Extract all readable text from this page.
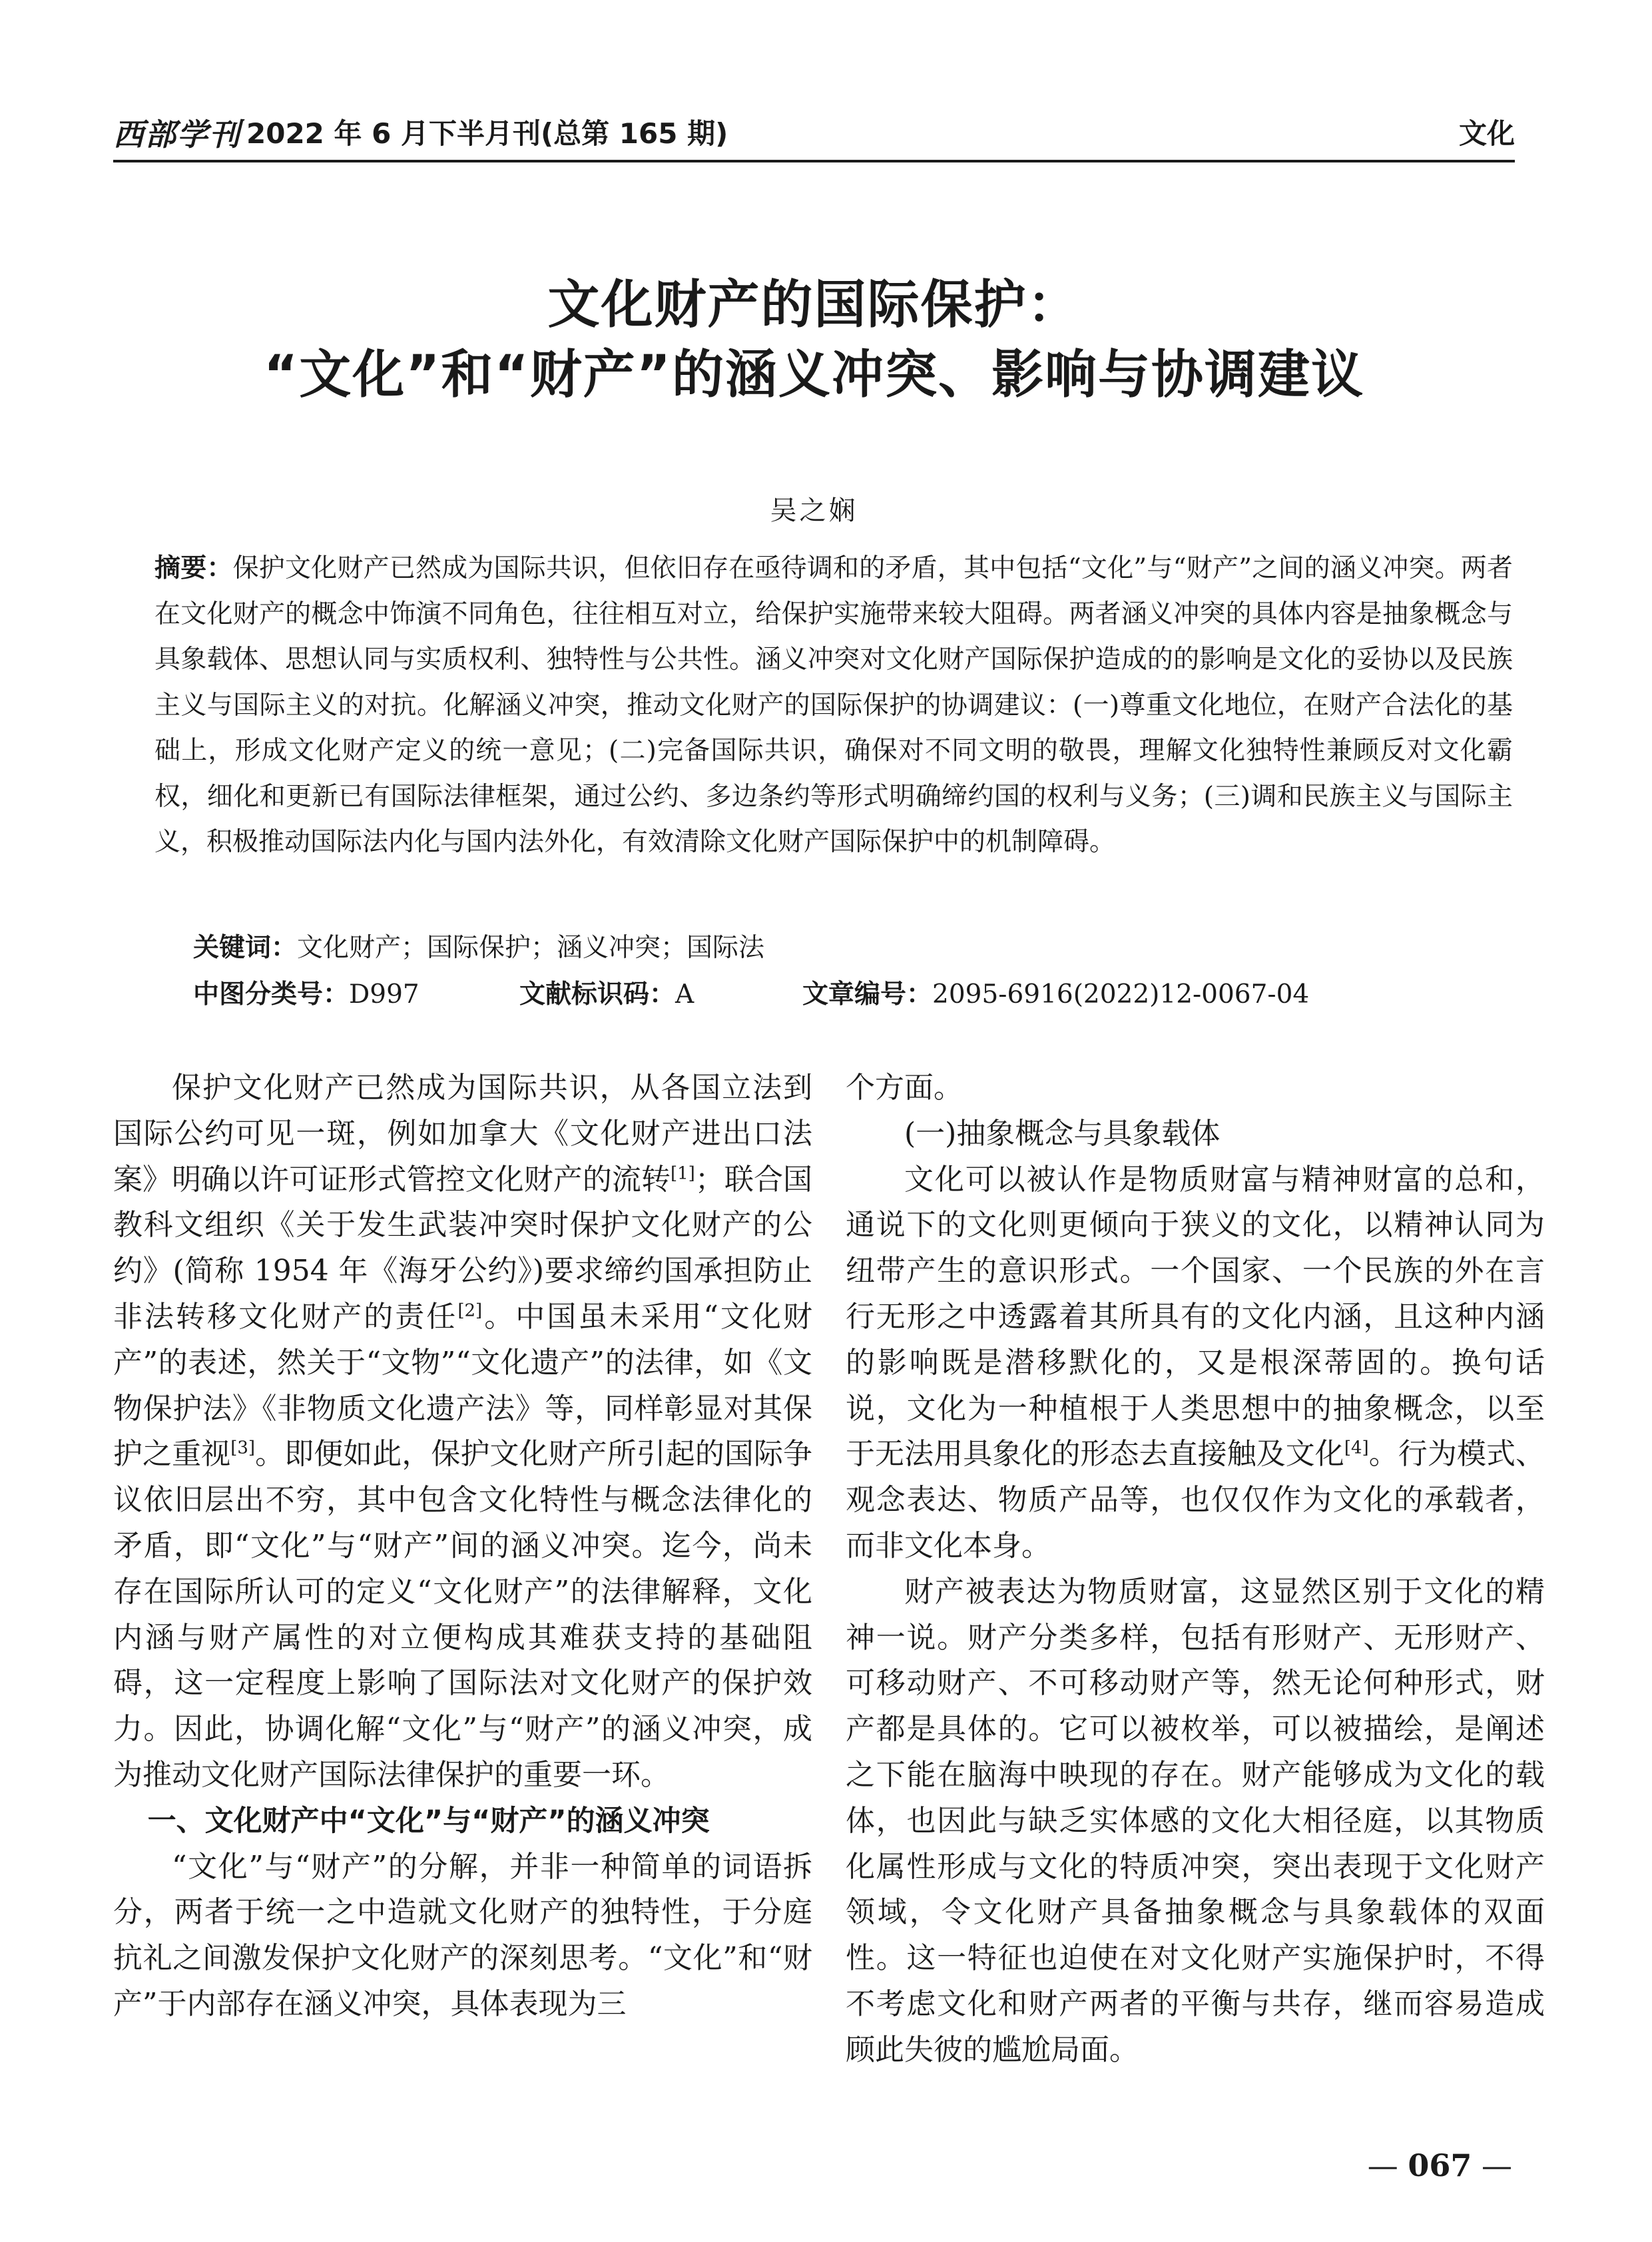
西部学刊 2022 年 6 月下半月刊(总第 165 期)	文化
文化财产的国际保护：
“文化”和“财产”的涵义冲突、影响与协调建议
吴之娴

摘要：保护文化财产已然成为国际共识，但依旧存在亟待调和的矛盾，其中包括“文化”与“财产”之间的涵义冲突。两者在文化财产的概念中饰演不同角色，往往相互对立，给保护实施带来较大阻碍。两者涵义冲突的具体内容是抽象概念与具象载体、思想认同与实质权利、独特性与公共性。涵义冲突对文化财产国际保护造成的的影响是文化的妥协以及民族主义与国际主义的对抗。化解涵义冲突，推动文化财产的国际保护的协调建议：(一)尊重文化地位，在财产合法化的基础上，形成文化财产定义的统一意见；(二)完备国际共识，确保对不同文明的敬畏，理解文化独特性兼顾反对文化霸权，细化和更新已有国际法律框架，通过公约、多边条约等形式明确缔约国的权利与义务；(三)调和民族主义与国际主义，积极推动国际法内化与国内法外化，有效清除文化财产国际保护中的机制障碍。

关键词：文化财产；国际保护；涵义冲突；国际法
中图分类号：D997	文献标识码：A	文章编号：2095-6916(2022)12-0067-04

保护文化财产已然成为国际共识，从各国立法到国际公约可见一斑，例如加拿大《文化财产进出口法案》明确以许可证形式管控文化财产的流转[1]；联合国教科文组织《关于发生武装冲突时保护文化财产的公约》(简称 1954 年《海牙公约》)要求缔约国承担防止非法转移文化财产的责任[2]。中国虽未采用“文化财产”的表述，然关于“文物”“文化遗产”的法律，如《文物保护法》《非物质文化遗产法》等，同样彰显对其保护之重视[3]。即便如此，保护文化财产所引起的国际争议依旧层出不穷，其中包含文化特性与概念法律化的矛盾，即“文化”与“财产”间的涵义冲突。迄今，尚未存在国际所认可的定义“文化财产”的法律解释，文化内涵与财产属性的对立便构成其难获支持的基础阻碍，这一定程度上影响了国际法对文化财产的保护效力。因此，协调化解“文化”与“财产”的涵义冲突，成为推动文化财产国际法律保护的重要一环。

一、文化财产中“文化”与“财产”的涵义冲突

“文化”与“财产”的分解，并非一种简单的词语拆分，两者于统一之中造就文化财产的独特性，于分庭抗礼之间激发保护文化财产的深刻思考。“文化”和“财产”于内部存在涵义冲突，具体表现为三

个方面。

(一)抽象概念与具象载体

文化可以被认作是物质财富与精神财富的总和，通说下的文化则更倾向于狭义的文化，以精神认同为纽带产生的意识形式。一个国家、一个民族的外在言行无形之中透露着其所具有的文化内涵，且这种内涵的影响既是潜移默化的，又是根深蒂固的。换句话说，文化为一种植根于人类思想中的抽象概念，以至于无法用具象化的形态去直接触及文化[4]。行为模式、观念表达、物质产品等，也仅仅作为文化的承载者，而非文化本身。

财产被表达为物质财富，这显然区别于文化的精神一说。财产分类多样，包括有形财产、无形财产、可移动财产、不可移动财产等，然无论何种形式，财产都是具体的。它可以被枚举，可以被描绘，是阐述之下能在脑海中映现的存在。财产能够成为文化的载体，也因此与缺乏实体感的文化大相径庭，以其物质化属性形成与文化的特质冲突，突出表现于文化财产领域，令文化财产具备抽象概念与具象载体的双面性。这一特征也迫使在对文化财产实施保护时，不得不考虑文化和财产两者的平衡与共存，继而容易造成顾此失彼的尴尬局面。

— 067 —
